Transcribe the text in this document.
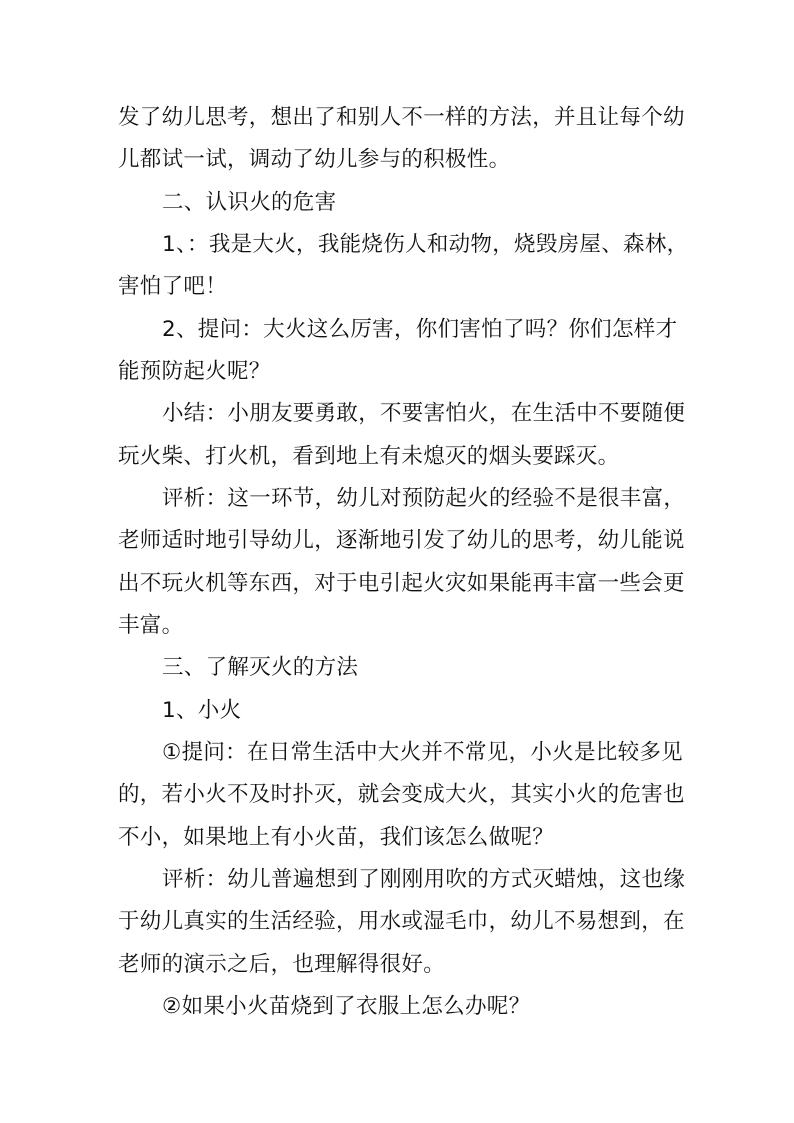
发了幼儿思考，想出了和别人不一样的方法，并且让每个幼
儿都试一试，调动了幼儿参与的积极性。
二、认识火的危害
1、：我是大火，我能烧伤人和动物，烧毁房屋、森林，
害怕了吧！
2、提问：大火这么厉害，你们害怕了吗？你们怎样才
能预防起火呢？
小结：小朋友要勇敢，不要害怕火，在生活中不要随便
玩火柴、打火机，看到地上有未熄灭的烟头要踩灭。
评析：这一环节，幼儿对预防起火的经验不是很丰富，
老师适时地引导幼儿，逐渐地引发了幼儿的思考，幼儿能说
出不玩火机等东西，对于电引起火灾如果能再丰富一些会更
丰富。
三、了解灭火的方法
1、小火
①提问：在日常生活中大火并不常见，小火是比较多见
的，若小火不及时扑灭，就会变成大火，其实小火的危害也
不小，如果地上有小火苗，我们该怎么做呢？
评析：幼儿普遍想到了刚刚用吹的方式灭蜡烛，这也缘
于幼儿真实的生活经验，用水或湿毛巾，幼儿不易想到，在
老师的演示之后，也理解得很好。
②如果小火苗烧到了衣服上怎么办呢？
